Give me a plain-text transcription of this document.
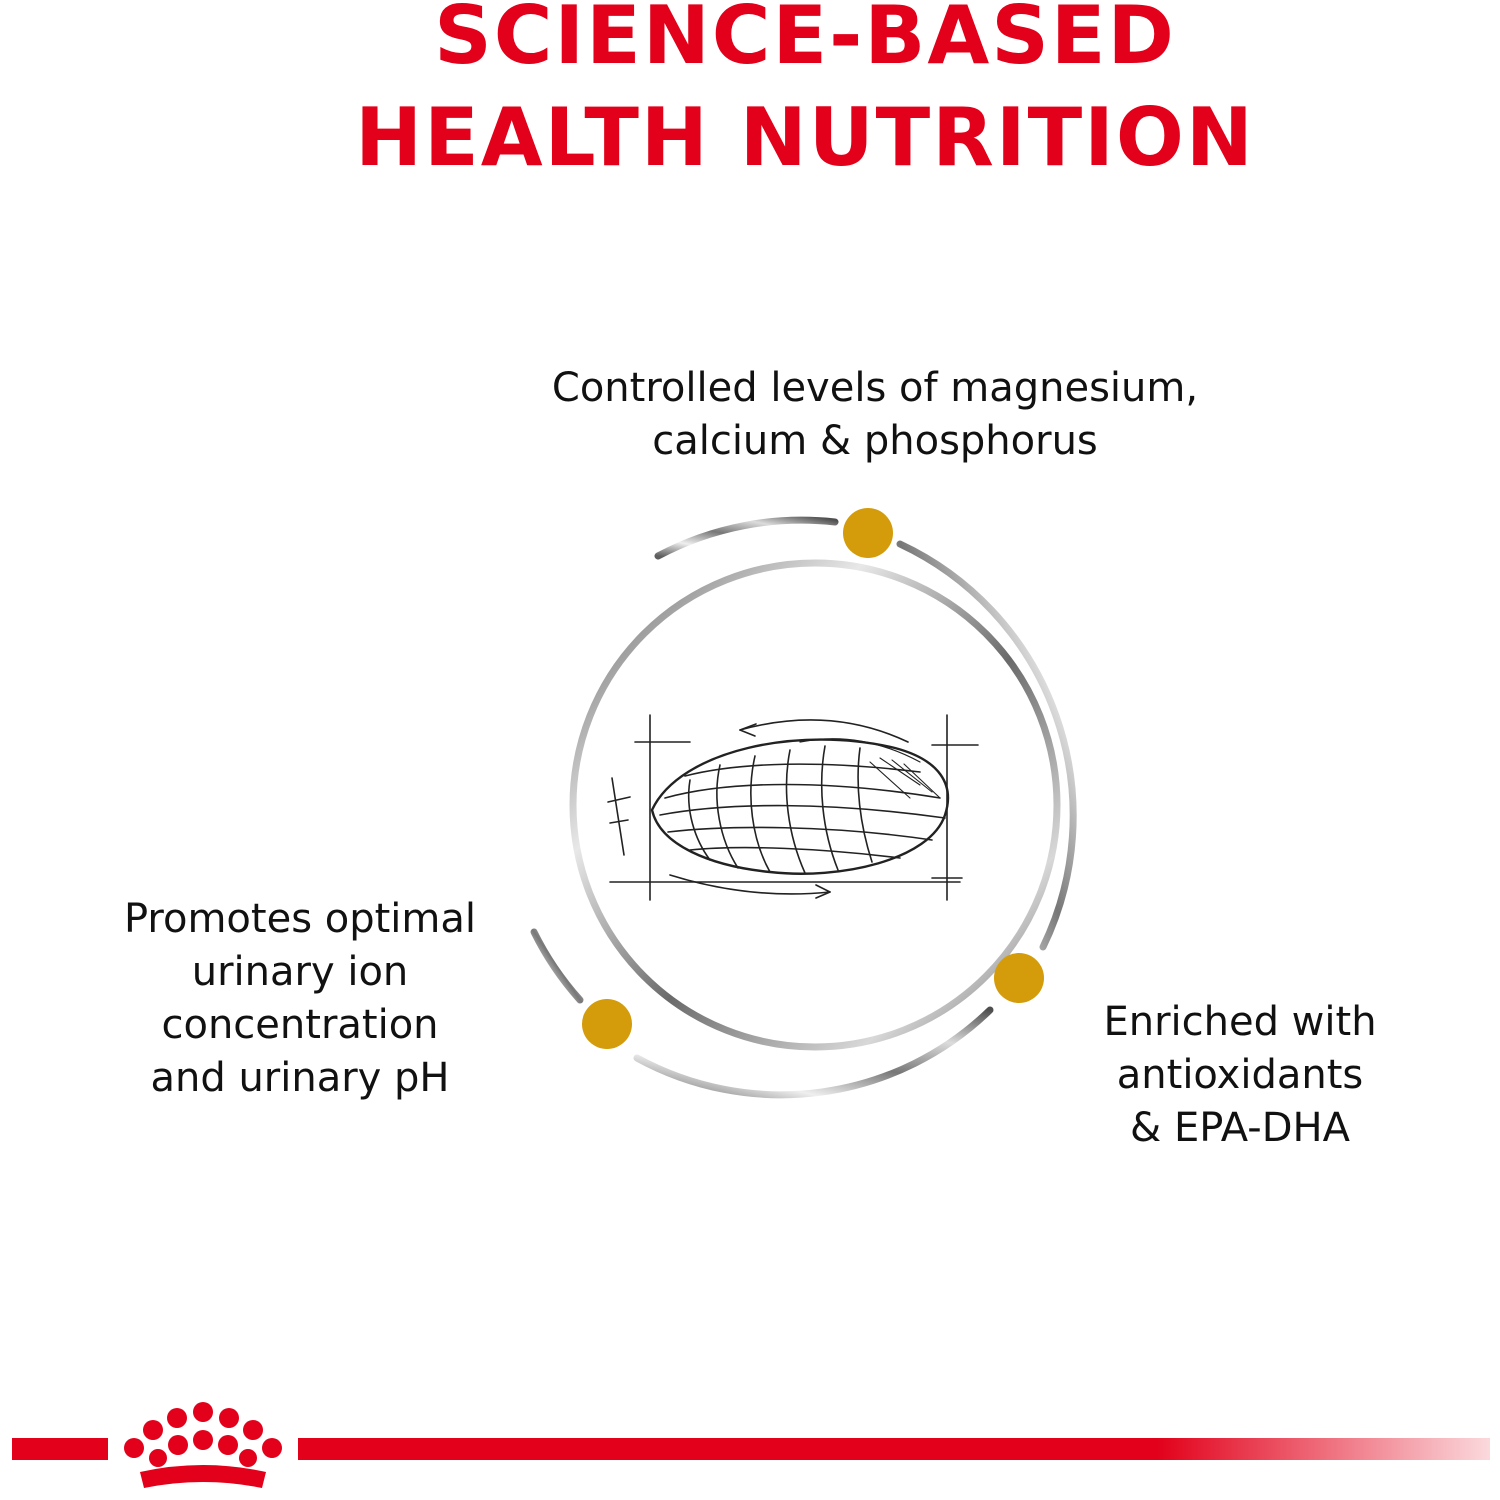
SCIENCE-BASED
HEALTH NUTRITION
Controlled levels of magnesium,
calcium & phosphorus
Promotes optimal
urinary ion
concentration
and urinary pH
Enriched with
antioxidants
& EPA-DHA
